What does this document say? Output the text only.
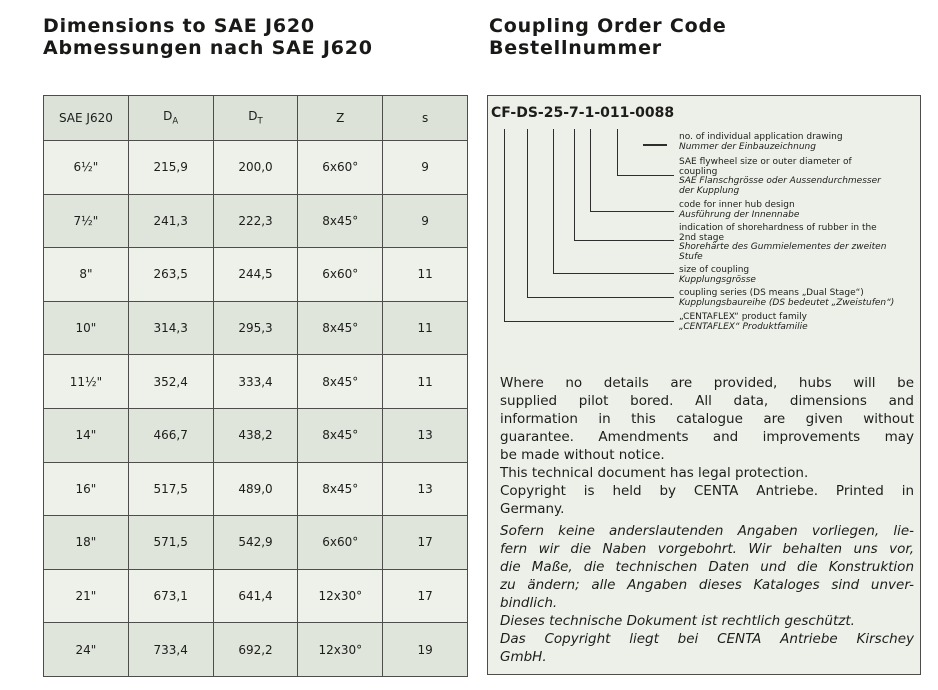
Dimensions to SAE J620
Abmessungen nach SAE J620
Coupling Order Code
Bestellnummer
SAE J620	$D_A$	$D_T$	Z	s
6½"	215,9	200,0	6x60°	9
7½"	241,3	222,3	8x45°	9
8"	263,5	244,5	6x60°	11
10"	314,3	295,3	8x45°	11
11½"	352,4	333,4	8x45°	11
14"	466,7	438,2	8x45°	13
16"	517,5	489,0	8x45°	13
18"	571,5	542,9	6x60°	17
21"	673,1	641,4	12x30°	17
24"	733,4	692,2	12x30°	19
CF-DS-25-7-1-011-0088
no. of individual application drawing
Nummer der Einbauzeichnung
SAE flywheel size or outer diameter of
coupling
SAE Flanschgrösse oder Aussendurchmesser
der Kupplung
code for inner hub design
Ausführung der Innennabe
indication of shorehardness of rubber in the
2nd stage
Shorehärte des Gummielementes der zweiten
Stufe
size of coupling
Kupplungsgrösse
coupling series (DS means „Dual Stage“)
Kupplungsbaureihe (DS bedeutet „Zweistufen“)
„CENTAFLEX“ product family
„CENTAFLEX“ Produktfamilie
Where no details are provided, hubs will be
supplied pilot bored. All data, dimensions and
information in this catalogue are given without
guarantee. Amendments and improvements may
be made without notice.
This technical document has legal protection.
Copyright is held by CENTA Antriebe. Printed in
Germany.
Sofern keine anderslautenden Angaben vorliegen, lie-
fern wir die Naben vorgebohrt. Wir behalten uns vor,
die Maße, die technischen Daten und die Konstruktion
zu ändern; alle Angaben dieses Kataloges sind unver-
bindlich.
Dieses technische Dokument ist rechtlich geschützt.
Das Copyright liegt bei CENTA Antriebe Kirschey
GmbH.
